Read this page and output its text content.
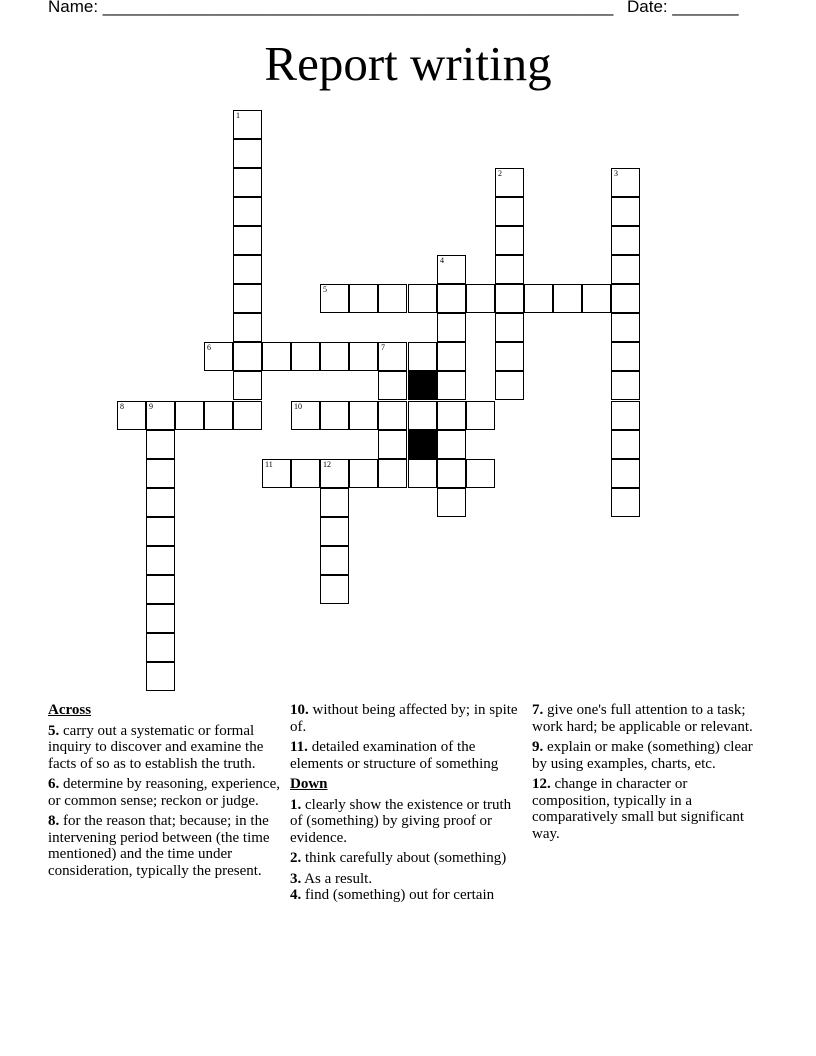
Name: ______________________________________________________ Date: _______
Report writing
1
2	3
4
5
6	7
8	9	10
11	12
Across
5. carry out a systematic or formal inquiry to discover and examine the facts of so as to establish the truth.
6. determine by reasoning, experience, or common sense; reckon or judge.
8. for the reason that; because; in the intervening period between (the time mentioned) and the time under consideration, typically the present.
10. without being affected by; in spite of.
11. detailed examination of the elements or structure of something
Down
1. clearly show the existence or truth of (something) by giving proof or evidence.
2. think carefully about (something)
3. As a result.
4. find (something) out for certain
7. give one's full attention to a task; work hard; be applicable or relevant.
9. explain or make (something) clear by using examples, charts, etc.
12. change in character or composition, typically in a comparatively small but significant way.
